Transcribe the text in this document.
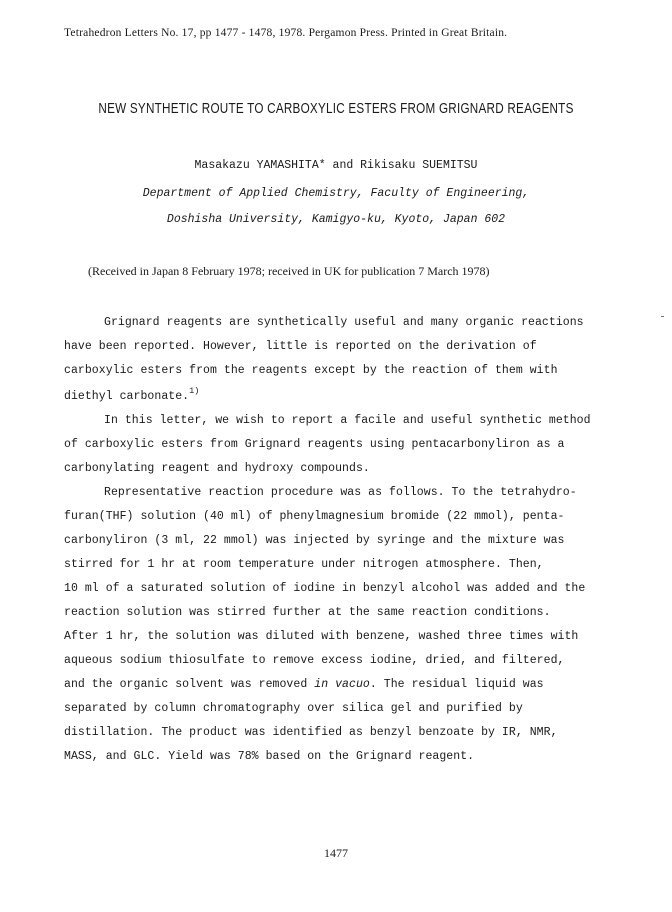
Tetrahedron Letters No. 17, pp 1477 - 1478, 1978. Pergamon Press. Printed in Great Britain.
NEW SYNTHETIC ROUTE TO CARBOXYLIC ESTERS FROM GRIGNARD REAGENTS
Masakazu YAMASHITA* and Rikisaku SUEMITSU
Department of Applied Chemistry, Faculty of Engineering,
Doshisha University, Kamigyo-ku, Kyoto, Japan 602
(Received in Japan 8 February 1978; received in UK for publication 7 March 1978)
Grignard reagents are synthetically useful and many organic reactions
have been reported. However, little is reported on the derivation of
carboxylic esters from the reagents except by the reaction of them with
diethyl carbonate.$^{1)}$
In this letter, we wish to report a facile and useful synthetic method
of carboxylic esters from Grignard reagents using pentacarbonyliron as a
carbonylating reagent and hydroxy compounds.
Representative reaction procedure was as follows. To the tetrahydro-
furan(THF) solution (40 ml) of phenylmagnesium bromide (22 mmol), penta-
carbonyliron (3 ml, 22 mmol) was injected by syringe and the mixture was
stirred for 1 hr at room temperature under nitrogen atmosphere. Then,
10 ml of a saturated solution of iodine in benzyl alcohol was added and the
reaction solution was stirred further at the same reaction conditions.
After 1 hr, the solution was diluted with benzene, washed three times with
aqueous sodium thiosulfate to remove excess iodine, dried, and filtered,
and the organic solvent was removed in vacuo. The residual liquid was
separated by column chromatography over silica gel and purified by
distillation. The product was identified as benzyl benzoate by IR, NMR,
MASS, and GLC. Yield was 78% based on the Grignard reagent.
1477
